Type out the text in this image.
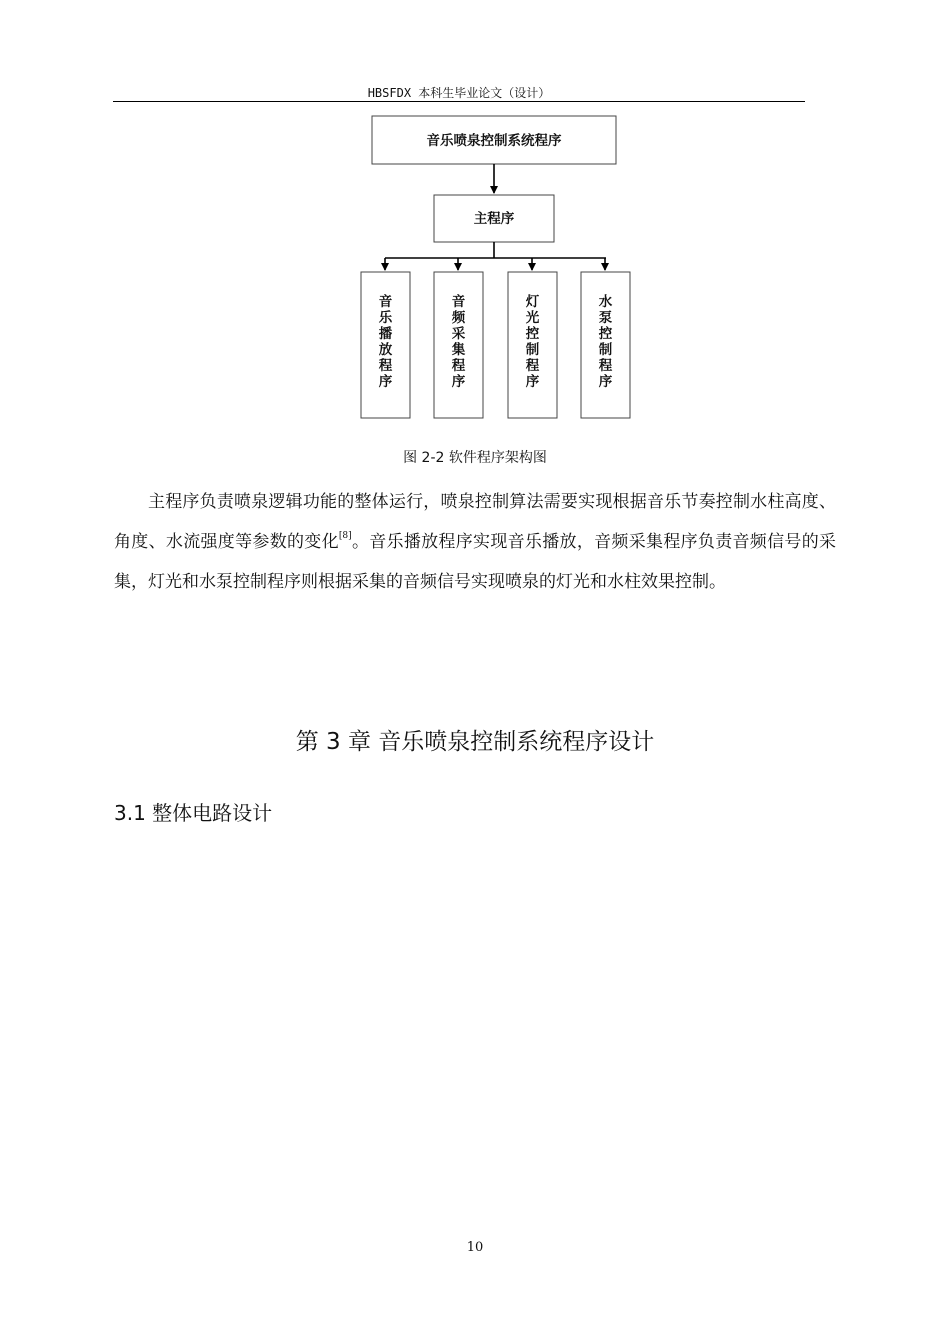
HBSFDX 本科生毕业论文（设计）
音乐喷泉控制系统程序
主程序
音乐播放程序
音频采集程序
灯光控制程序
水泵控制程序
图 2-2 软件程序架构图

主程序负责喷泉逻辑功能的整体运行，喷泉控制算法需要实现根据音乐节奏控制水柱高度、角度、水流强度等参数的变化[8]。音乐播放程序实现音乐播放，音频采集程序负责音频信号的采集，灯光和水泵控制程序则根据采集的音频信号实现喷泉的灯光和水柱效果控制。

第 3 章 音乐喷泉控制系统程序设计
3.1 整体电路设计
10
